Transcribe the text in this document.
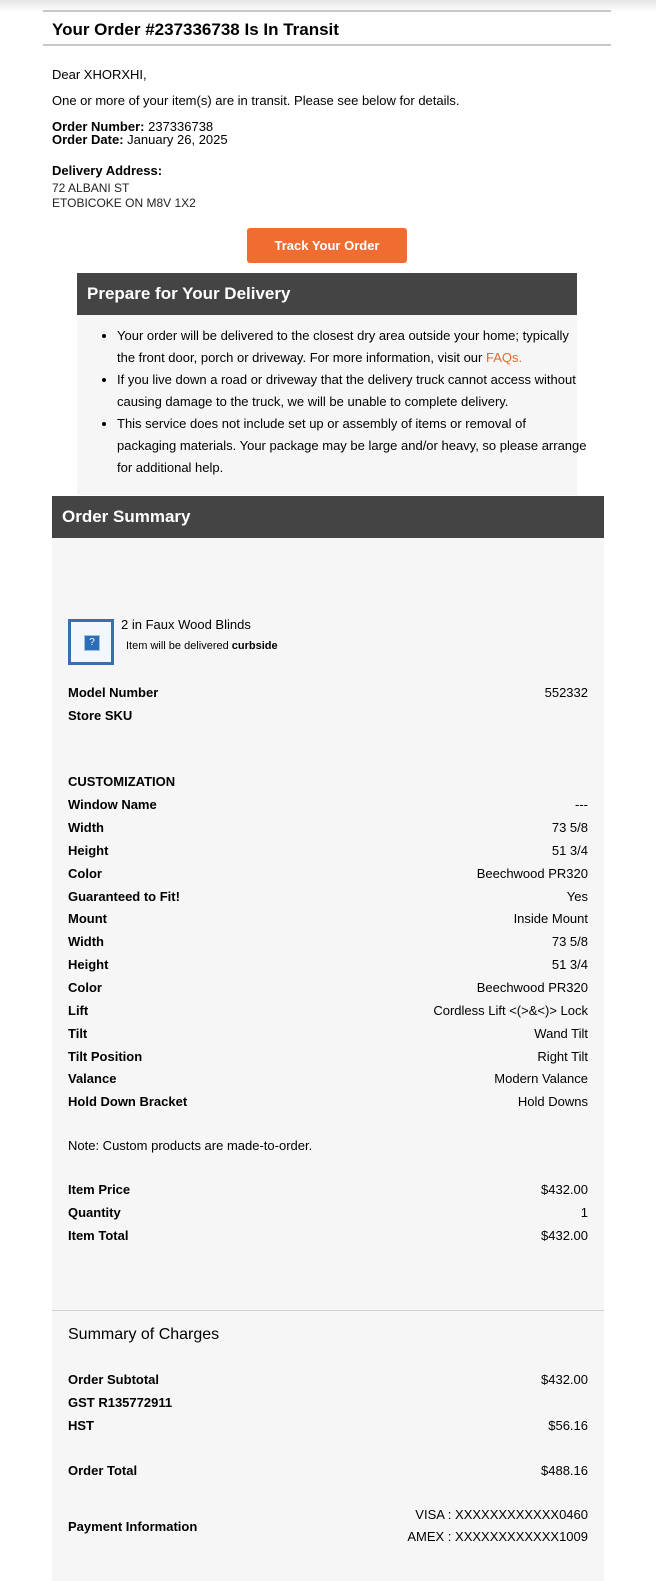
Your Order #237336738 Is In Transit
Dear XHORXHI,
One or more of your item(s) are in transit. Please see below for details.
Order Number: 237336738
Order Date: January 26, 2025
Delivery Address:
72 ALBANI ST
ETOBICOKE ON M8V 1X2
Track Your Order
Prepare for Your Delivery
• Your order will be delivered to the closest dry area outside your home; typically the front door, porch or driveway. For more information, visit our FAQs.
• If you live down a road or driveway that the delivery truck cannot access without causing damage to the truck, we will be unable to complete delivery.
• This service does not include set up or assembly of items or removal of packaging materials. Your package may be large and/or heavy, so please arrange for additional help.
Order Summary
?
2 in Faux Wood Blinds
Item will be delivered curbside
Model Number	552332
Store SKU
CUSTOMIZATION
Window Name	---
Width	73 5/8
Height	51 3/4
Color	Beechwood PR320
Guaranteed to Fit!	Yes
Mount	Inside Mount
Width	73 5/8
Height	51 3/4
Color	Beechwood PR320
Lift	Cordless Lift <(>&<)> Lock
Tilt	Wand Tilt
Tilt Position	Right Tilt
Valance	Modern Valance
Hold Down Bracket	Hold Downs
Note: Custom products are made-to-order.
Item Price	$432.00
Quantity	1
Item Total	$432.00
Summary of Charges
Order Subtotal	$432.00
GST R135772911
HST	$56.16
Order Total	$488.16
Payment Information
VISA : XXXXXXXXXXXX0460
AMEX : XXXXXXXXXXXX1009
